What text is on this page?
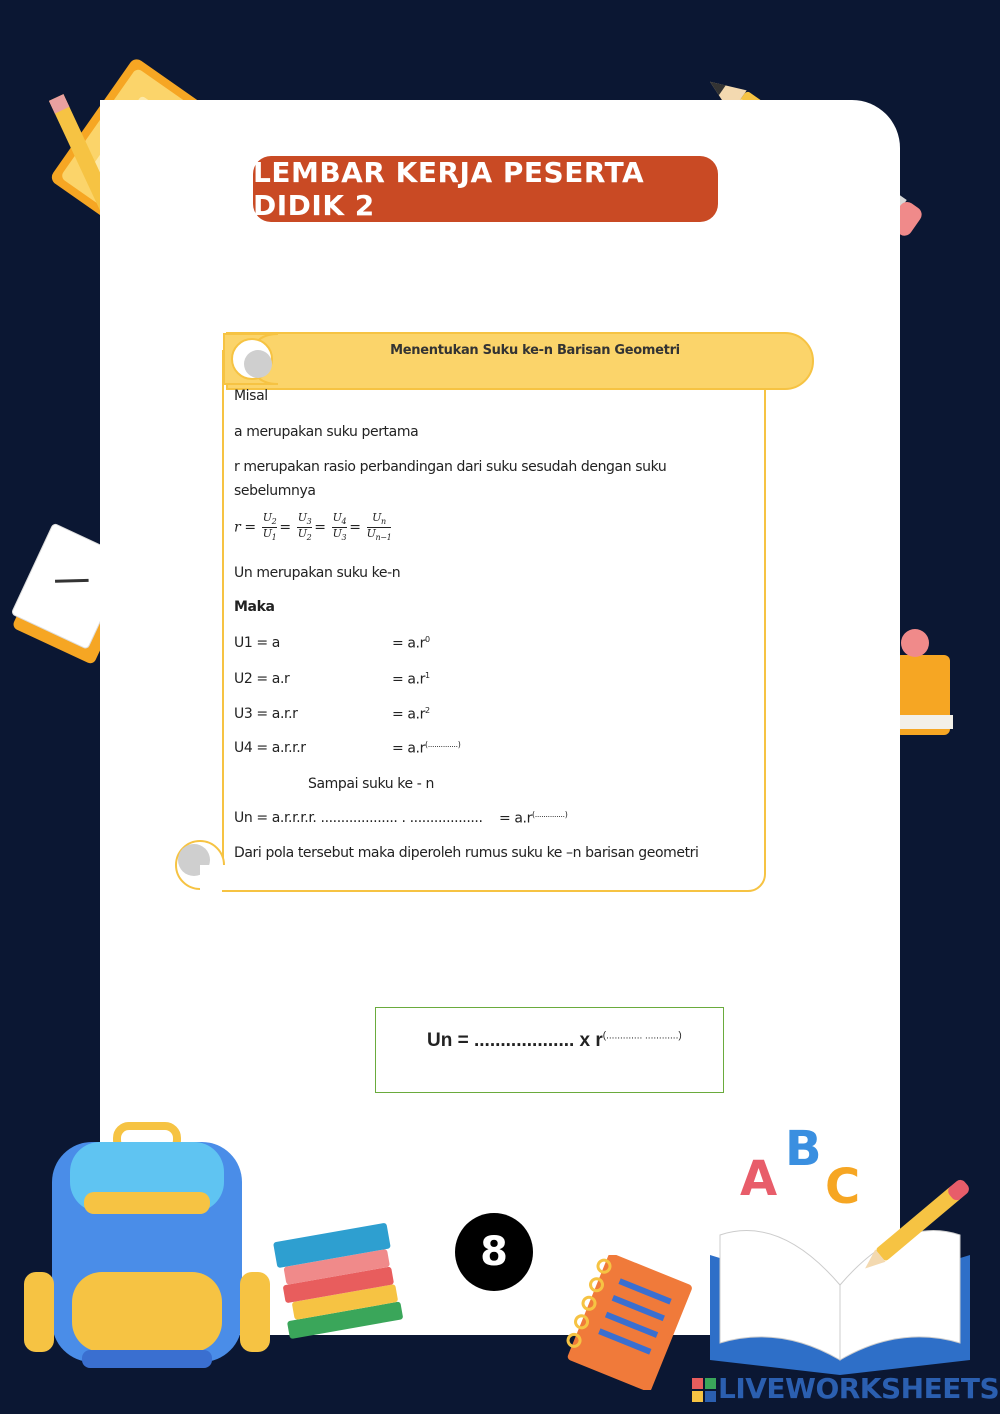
LEMBAR KERJA PESERTA DIDIK 2
Menentukan Suku ke-n Barisan Geometri
Misal
a merupakan suku pertama
r merupakan rasio perbandingan dari suku sesudah dengan suku
sebelumnya
$r = \frac{U_2}{U_1} = \frac{U_3}{U_2} = \frac{U_4}{U_3} = \frac{U_n}{U_{n-1}}$
Un merupakan suku ke-n
Maka
U1 = a	= $a.r^0$
U2 = a.r	= $a.r^1$
U3 = a.r.r	= $a.r^2$
U4 = a.r.r.r	= a.r(..............)
Sampai suku ke - n
Un = a.r.r.r.r. ................... . .................. = a.r(..............)
Dari pola tersebut maka diperoleh rumus suku ke –n barisan geometri
Un = ................... x r(............. ............)
8
A
B
C
LIVEWORKSHEETS
